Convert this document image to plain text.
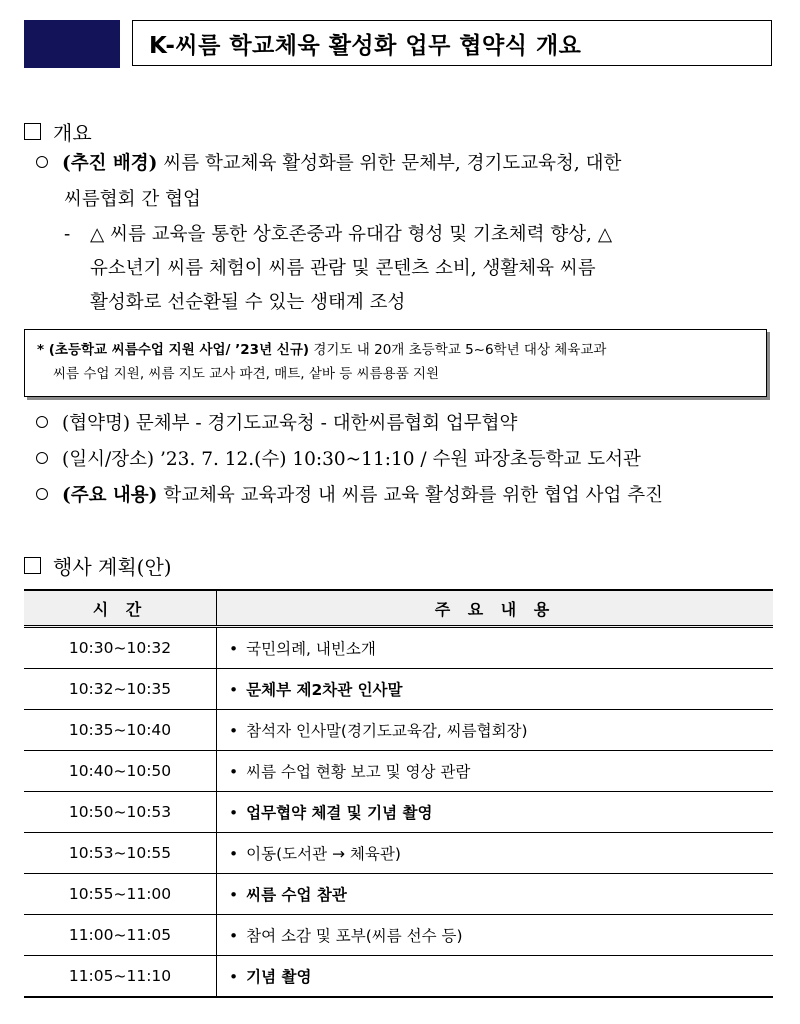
K-씨름 학교체육 활성화 업무 협약식 개요
개요
(추진 배경) 씨름 학교체육 활성화를 위한 문체부, 경기도교육청, 대한
씨름협회 간 협업
-	△ 씨름 교육을 통한 상호존중과 유대감 형성 및 기초체력 향상, △
유소년기 씨름 체험이 씨름 관람 및 콘텐츠 소비, 생활체육 씨름
활성화로 선순환될 수 있는 생태계 조성
* (초등학교 씨름수업 지원 사업/ ’23년 신규) 경기도 내 20개 초등학교 5~6학년 대상 체육교과
씨름 수업 지원, 씨름 지도 교사 파견, 매트, 샅바 등 씨름용품 지원
(협약명) 문체부 - 경기도교육청 - 대한씨름협회 업무협약
(일시/장소) ’23. 7. 12.(수) 10:30~11:10 / 수원 파장초등학교 도서관
(주요 내용) 학교체육 교육과정 내 씨름 교육 활성화를 위한 협업 사업 추진
행사 계획(안)
시 간	주 요 내 용
10:30~10:32	• 국민의례, 내빈소개
10:32~10:35	• 문체부 제2차관 인사말
10:35~10:40	• 참석자 인사말(경기도교육감, 씨름협회장)
10:40~10:50	• 씨름 수업 현황 보고 및 영상 관람
10:50~10:53	• 업무협약 체결 및 기념 촬영
10:53~10:55	• 이동(도서관 → 체육관)
10:55~11:00	• 씨름 수업 참관
11:00~11:05	• 참여 소감 및 포부(씨름 선수 등)
11:05~11:10	• 기념 촬영
